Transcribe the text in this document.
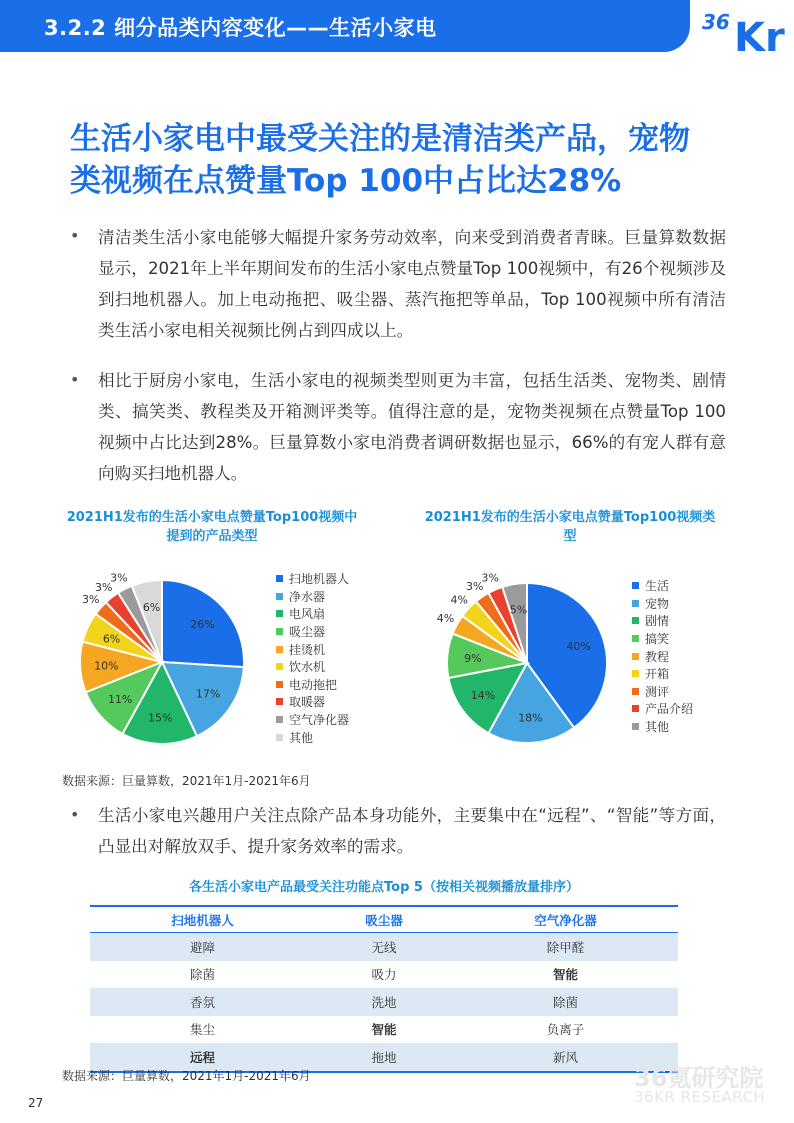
3.2.2 细分品类内容变化——生活小家电	36 Kr
生活小家电中最受关注的是清洁类产品，宠物
类视频在点赞量Top 100中占比达28%
• 清洁类生活小家电能够大幅提升家务劳动效率，向来受到消费者青睐。巨量算数数据显示，2021年上半年期间发布的生活小家电点赞量Top 100视频中，有26个视频涉及到扫地机器人。加上电动拖把、吸尘器、蒸汽拖把等单品，Top 100视频中所有清洁类生活小家电相关视频比例占到四成以上。
• 相比于厨房小家电，生活小家电的视频类型则更为丰富，包括生活类、宠物类、剧情类、搞笑类、教程类及开箱测评类等。值得注意的是，宠物类视频在点赞量Top 100视频中占比达到28%。巨量算数小家电消费者调研数据也显示，66%的有宠人群有意向购买扫地机器人。
2021H1发布的生活小家电点赞量Top100视频中提到的产品类型
2021H1发布的生活小家电点赞量Top100视频类型
26%
17%
15%
11%
10%
6%
3%
3%
3%
6%
40%
18%
14%
9%
4%
4%
3%
3%
5%
扫地机器人
净水器
电风扇
吸尘器
挂烫机
饮水机
电动拖把
取暖器
空气净化器
其他
生活
宠物
剧情
搞笑
教程
开箱
测评
产品介绍
其他
数据来源：巨量算数，2021年1月-2021年6月
• 生活小家电兴趣用户关注点除产品本身功能外，主要集中在“远程”、“智能”等方面，凸显出对解放双手、提升家务效率的需求。
各生活小家电产品最受关注功能点Top 5（按相关视频播放量排序）
扫地机器人	吸尘器	空气净化器
避障	无线	除甲醛
除菌	吸力	智能
香氛	洗地	除菌
集尘	智能	负离子
远程	拖地	新风
数据来源：巨量算数，2021年1月-2021年6月
27
36氪研究院
36KR RESEARCH
